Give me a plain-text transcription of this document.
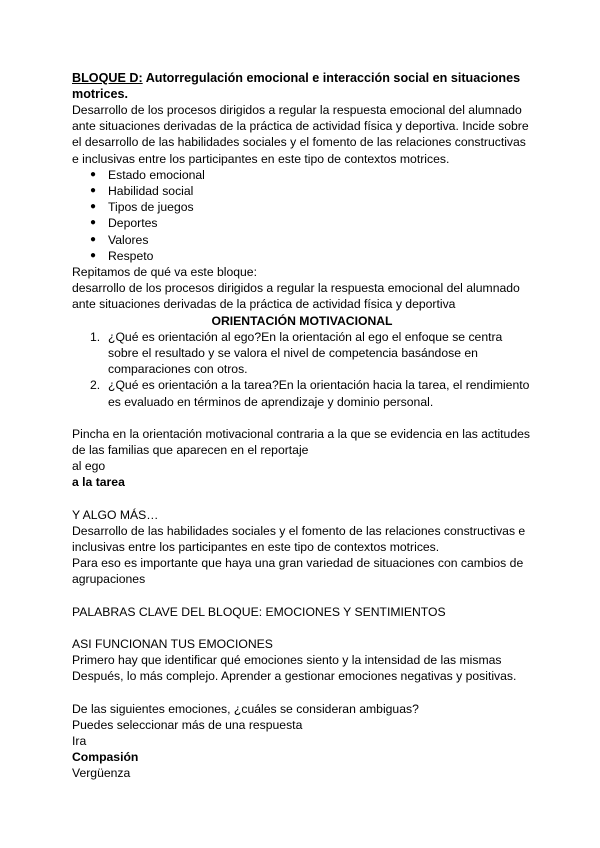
BLOQUE D: Autorregulación emocional e interacción social en situaciones motrices.

Desarrollo de los procesos dirigidos a regular la respuesta emocional del alumnado ante situaciones derivadas de la práctica de actividad física y deportiva. Incide sobre el desarrollo de las habilidades sociales y el fomento de las relaciones constructivas e inclusivas entre los participantes en este tipo de contextos motrices.

● Estado emocional
● Habilidad social
● Tipos de juegos
● Deportes
● Valores
● Respeto

Repitamos de qué va este bloque:

desarrollo de los procesos dirigidos a regular la respuesta emocional del alumnado ante situaciones derivadas de la práctica de actividad física y deportiva

ORIENTACIÓN MOTIVACIONAL

1. ¿Qué es orientación al ego?En la orientación al ego el enfoque se centra sobre el resultado y se valora el nivel de competencia basándose en comparaciones con otros.
2. ¿Qué es orientación a la tarea?En la orientación hacia la tarea, el rendimiento es evaluado en términos de aprendizaje y dominio personal.

Pincha en la orientación motivacional contraria a la que se evidencia en las actitudes de las familias que aparecen en el reportaje

al ego

a la tarea

Y ALGO MÁS…

Desarrollo de las habilidades sociales y el fomento de las relaciones constructivas e inclusivas entre los participantes en este tipo de contextos motrices.

Para eso es importante que haya una gran variedad de situaciones con cambios de agrupaciones

PALABRAS CLAVE DEL BLOQUE: EMOCIONES Y SENTIMIENTOS

ASI FUNCIONAN TUS EMOCIONES

Primero hay que identificar qué emociones siento y la intensidad de las mismas

Después, lo más complejo. Aprender a gestionar emociones negativas y positivas.

De las siguientes emociones, ¿cuáles se consideran ambiguas?

Puedes seleccionar más de una respuesta

Ira

Compasión

Vergüenza
